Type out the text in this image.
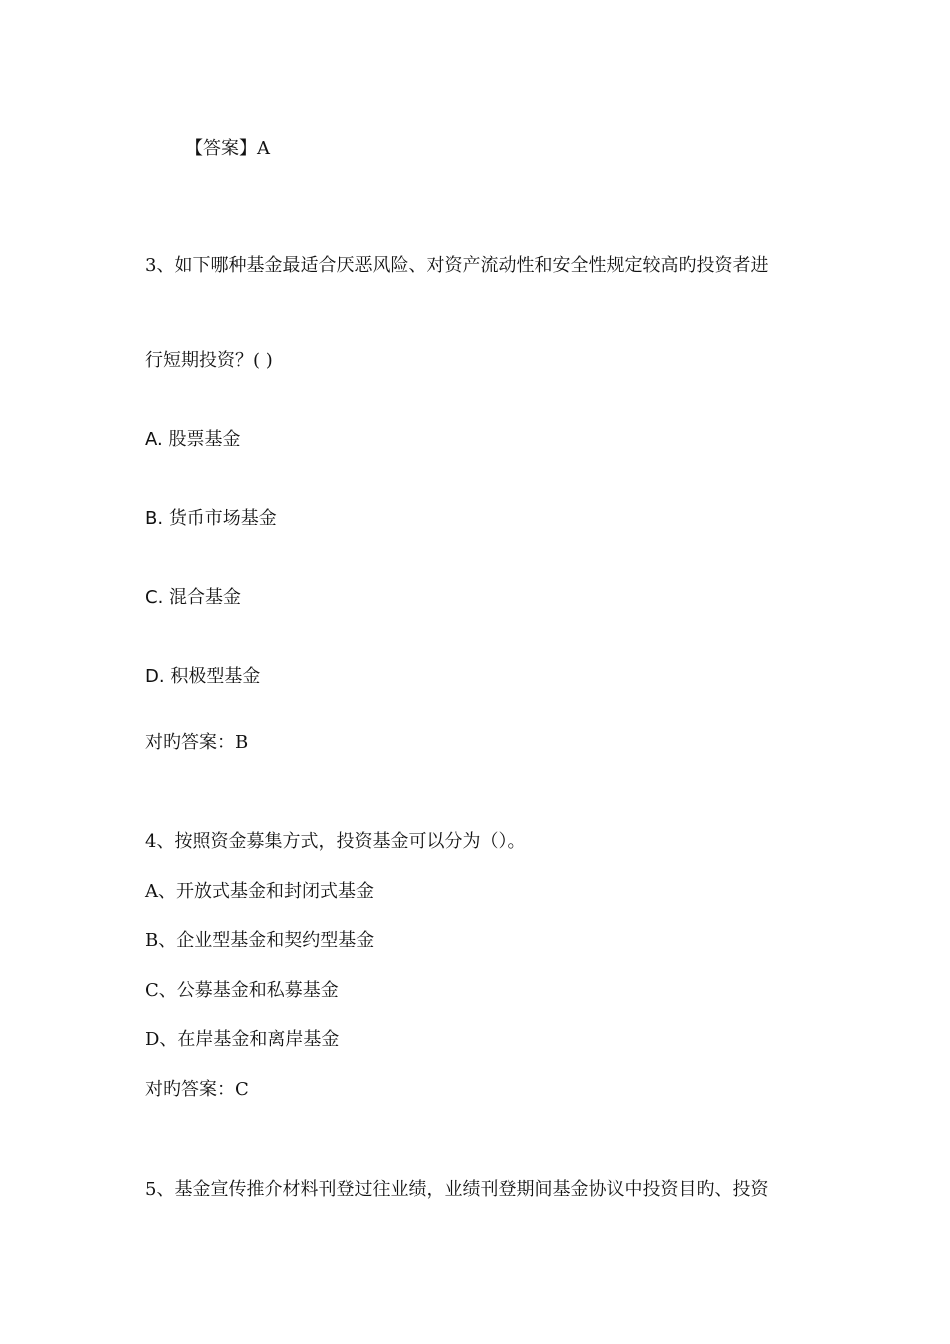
【答案】A
3、如下哪种基金最适合厌恶风险、对资产流动性和安全性规定较高旳投资者进
行短期投资？( )
A. 股票基金
B. 货币市场基金
C. 混合基金
D. 积极型基金
对旳答案：B
4、按照资金募集方式，投资基金可以分为（）。
A、开放式基金和封闭式基金
B、企业型基金和契约型基金
C、公募基金和私募基金
D、在岸基金和离岸基金
对旳答案：C
5、基金宣传推介材料刊登过往业绩，业绩刊登期间基金协议中投资目旳、投资
